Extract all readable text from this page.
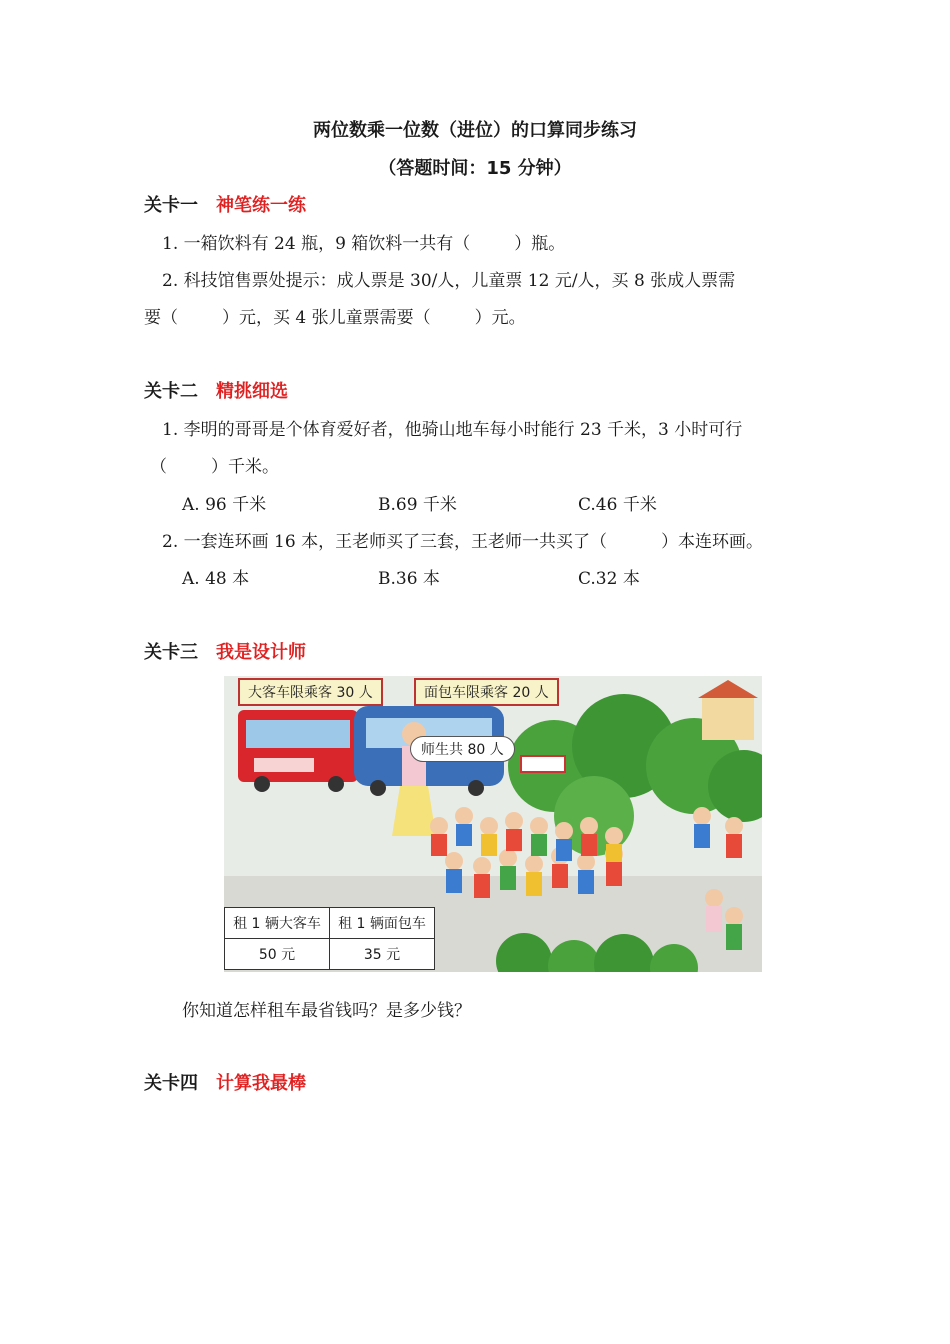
两位数乘一位数（进位）的口算同步练习
（答题时间：15 分钟）
关卡一 神笔练一练
1. 一箱饮料有 24 瓶，9 箱饮料一共有（	）瓶。
2. 科技馆售票处提示：成人票是 30/人，儿童票 12 元/人，买 8 张成人票需
要（	）元，买 4 张儿童票需要（	）元。
关卡二 精挑细选
1. 李明的哥哥是个体育爱好者，他骑山地车每小时能行 23 千米，3 小时可行
（	）千米。
A. 96 千米	B.69 千米	C.46 千米
2. 一套连环画 16 本，王老师买了三套，王老师一共买了（	）本连环画。
A. 48 本	B.36 本	C.32 本
关卡三 我是设计师
大客车限乘客 30 人	面包车限乘客 20 人
师生共 80 人
租 1 辆大客车	租 1 辆面包车
50 元	35 元
你知道怎样租车最省钱吗？是多少钱？
关卡四 计算我最棒
